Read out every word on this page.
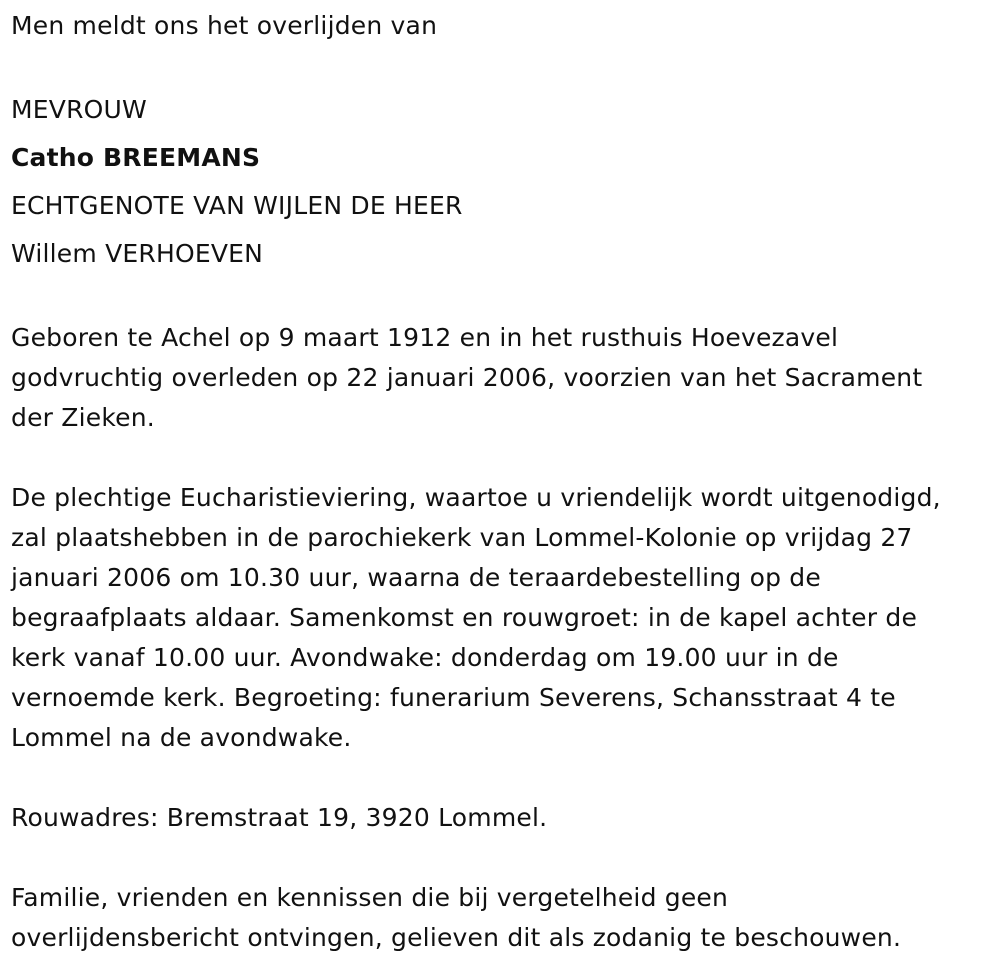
Men meldt ons het overlijden van
MEVROUW
Catho BREEMANS
ECHTGENOTE VAN WIJLEN DE HEER
Willem VERHOEVEN
Geboren te Achel op 9 maart 1912 en in het rusthuis Hoevezavel
godvruchtig overleden op 22 januari 2006, voorzien van het Sacrament
der Zieken.
De plechtige Eucharistieviering, waartoe u vriendelijk wordt uitgenodigd,
zal plaatshebben in de parochiekerk van Lommel-Kolonie op vrijdag 27
januari 2006 om 10.30 uur, waarna de teraardebestelling op de
begraafplaats aldaar. Samenkomst en rouwgroet: in de kapel achter de
kerk vanaf 10.00 uur. Avondwake: donderdag om 19.00 uur in de
vernoemde kerk. Begroeting: funerarium Severens, Schansstraat 4 te
Lommel na de avondwake.
Rouwadres: Bremstraat 19, 3920 Lommel.
Familie, vrienden en kennissen die bij vergetelheid geen
overlijdensbericht ontvingen, gelieven dit als zodanig te beschouwen.
